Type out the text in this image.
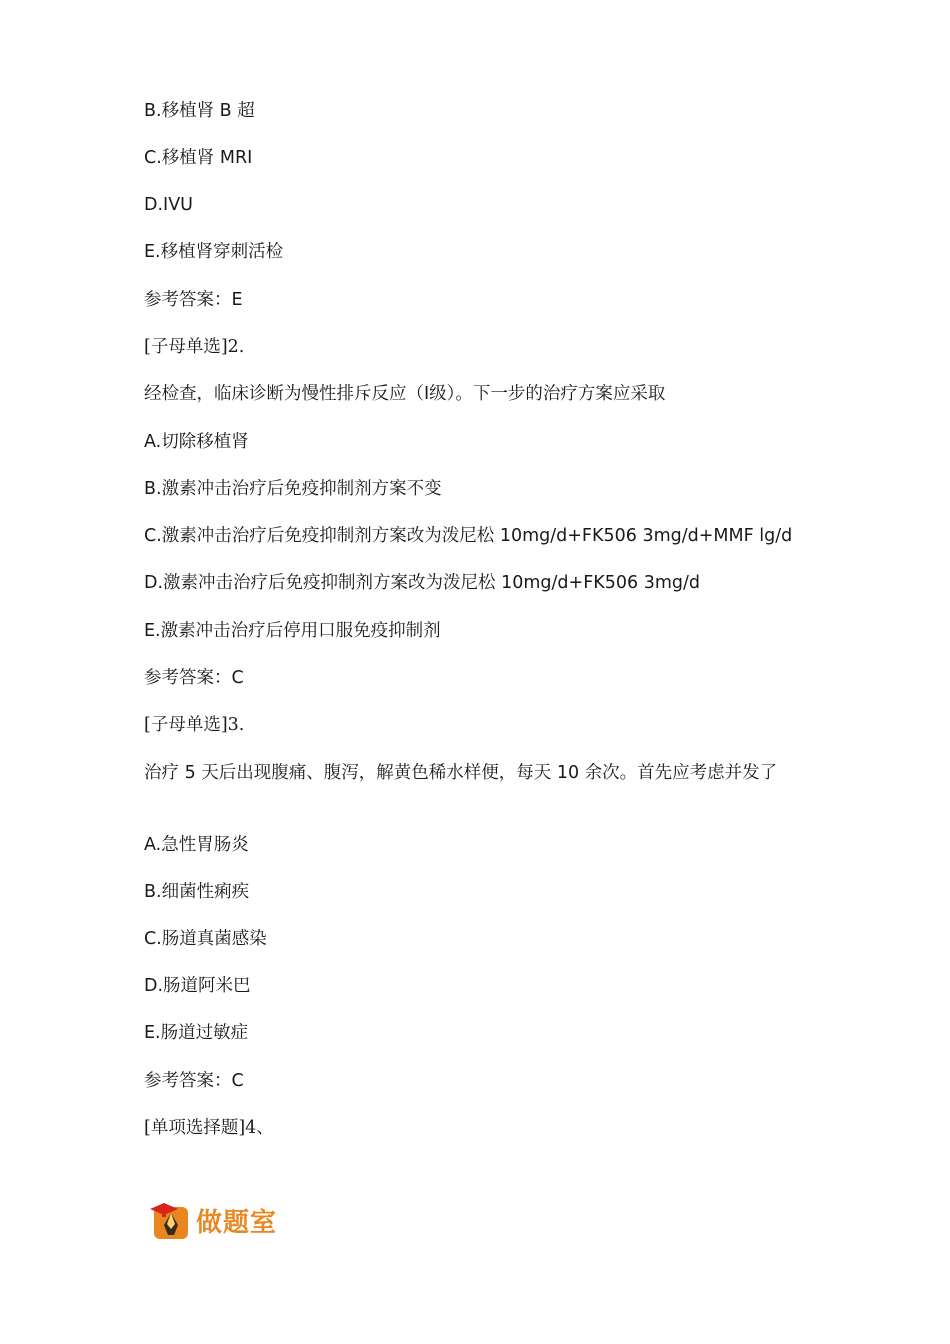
B.移植肾 B 超
C.移植肾 MRI
D.IVU
E.移植肾穿刺活检
参考答案：E
[子母单选]2.
经检查，临床诊断为慢性排斥反应（Ⅰ级）。下一步的治疗方案应采取
A.切除移植肾
B.激素冲击治疗后免疫抑制剂方案不变
C.激素冲击治疗后免疫抑制剂方案改为泼尼松 10mg/d+FK506 3mg/d+MMF lg/d
D.激素冲击治疗后免疫抑制剂方案改为泼尼松 10mg/d+FK506 3mg/d
E.激素冲击治疗后停用口服免疫抑制剂
参考答案：C
[子母单选]3.
治疗 5 天后出现腹痛、腹泻，解黄色稀水样便，每天 10 余次。首先应考虑并发了
A.急性胃肠炎
B.细菌性痢疾
C.肠道真菌感染
D.肠道阿米巴
E.肠道过敏症
参考答案：C
[单项选择题]4、
做题室
